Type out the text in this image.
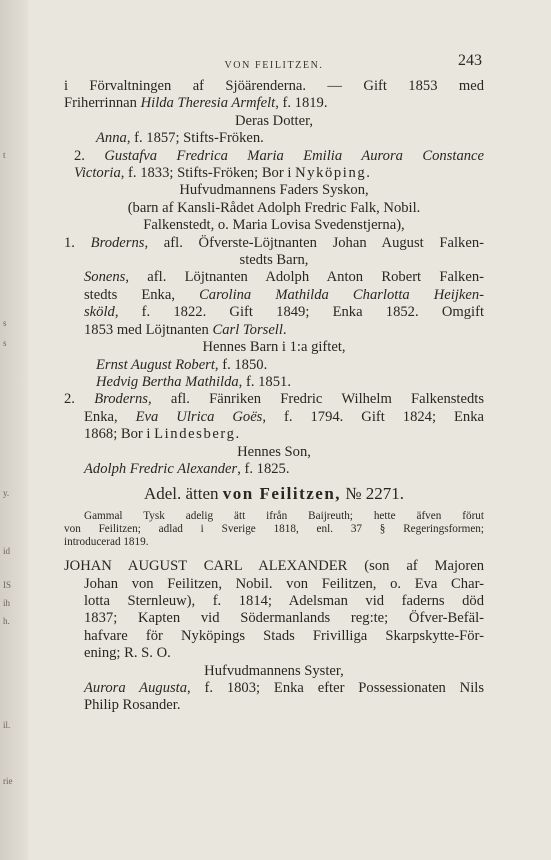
t
s
s
y.
id
IS
ih
h.
il.
rie
VON FEILITZEN.	243
i Förvaltningen af Sjöärenderna. — Gift 1853 med
Friherrinnan Hilda Theresia Armfelt, f. 1819.
Deras Dotter,
Anna, f. 1857; Stifts-Fröken.
2. Gustafva Fredrica Maria Emilia Aurora Constance
Victoria, f. 1833; Stifts-Fröken; Bor i Nyköping.
Hufvudmannens Faders Syskon,
(barn af Kansli-Rådet Adolph Fredric Falk, Nobil.
Falkenstedt, o. Maria Lovisa Svedenstjerna),
1. Broderns, afl. Öfverste-Löjtnanten Johan August Falken-
stedts Barn,
Sonens, afl. Löjtnanten Adolph Anton Robert Falken-
stedts Enka, Carolina Mathilda Charlotta Heijken-
sköld, f. 1822. Gift 1849; Enka 1852. Omgift
1853 med Löjtnanten Carl Torsell.
Hennes Barn i 1:a giftet,
Ernst August Robert, f. 1850.
Hedvig Bertha Mathilda, f. 1851.
2. Broderns, afl. Fänriken Fredric Wilhelm Falkenstedts
Enka, Eva Ulrica Goës, f. 1794. Gift 1824; Enka
1868; Bor i Lindesberg.
Hennes Son,
Adolph Fredric Alexander, f. 1825.
Adel. ätten von Feilitzen, № 2271.
Gammal Tysk adelig ätt ifrån Baijreuth; hette äfven förut
von Feilitzen; adlad i Sverige 1818, enl. 37 § Regeringsformen;
introducerad 1819.
JOHAN AUGUST CARL ALEXANDER (son af Majoren
Johan von Feilitzen, Nobil. von Feilitzen, o. Eva Char-
lotta Sternleuw), f. 1814; Adelsman vid faderns död
1837; Kapten vid Södermanlands reg:te; Öfver-Befäl-
hafvare för Nyköpings Stads Frivilliga Skarpskytte-För-
ening; R. S. O.
Hufvudmannens Syster,
Aurora Augusta, f. 1803; Enka efter Possessionaten Nils
Philip Rosander.
